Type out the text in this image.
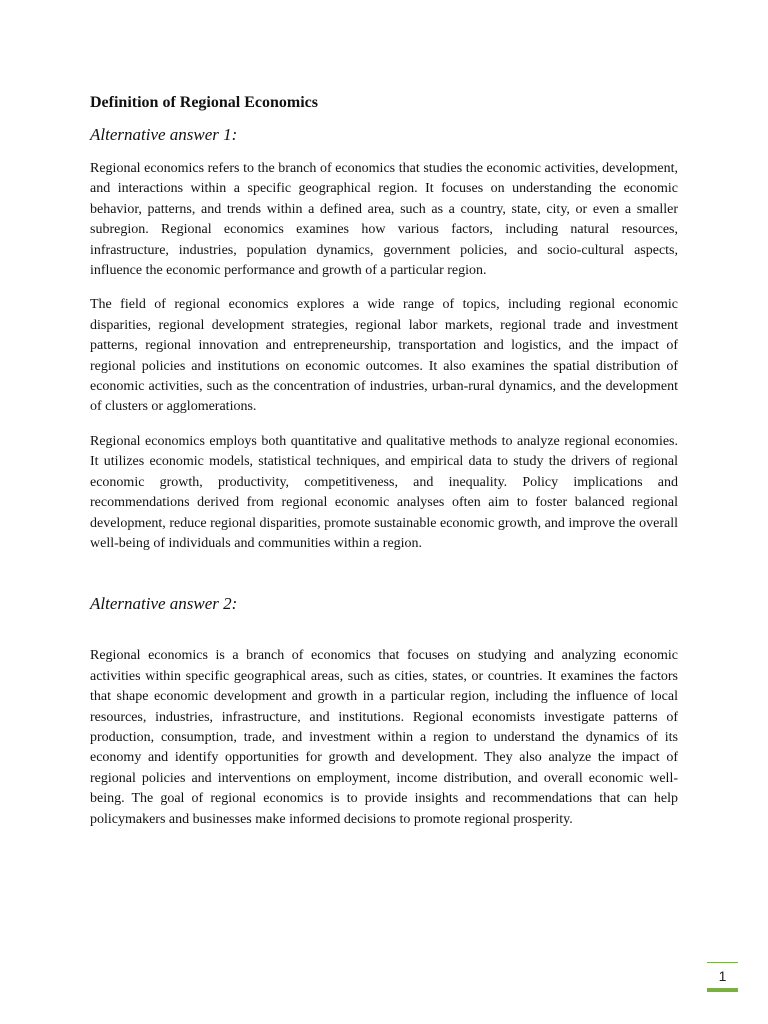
Definition of Regional Economics
Alternative answer 1:

Regional economics refers to the branch of economics that studies the economic activities, development, and interactions within a specific geographical region. It focuses on understanding the economic behavior, patterns, and trends within a defined area, such as a country, state, city, or even a smaller subregion. Regional economics examines how various factors, including natural resources, infrastructure, industries, population dynamics, government policies, and socio-cultural aspects, influence the economic performance and growth of a particular region.

The field of regional economics explores a wide range of topics, including regional economic disparities, regional development strategies, regional labor markets, regional trade and investment patterns, regional innovation and entrepreneurship, transportation and logistics, and the impact of regional policies and institutions on economic outcomes. It also examines the spatial distribution of economic activities, such as the concentration of industries, urban-rural dynamics, and the development of clusters or agglomerations.

Regional economics employs both quantitative and qualitative methods to analyze regional economies. It utilizes economic models, statistical techniques, and empirical data to study the drivers of regional economic growth, productivity, competitiveness, and inequality. Policy implications and recommendations derived from regional economic analyses often aim to foster balanced regional development, reduce regional disparities, promote sustainable economic growth, and improve the overall well-being of individuals and communities within a region.

Alternative answer 2:

Regional economics is a branch of economics that focuses on studying and analyzing economic activities within specific geographical areas, such as cities, states, or countries. It examines the factors that shape economic development and growth in a particular region, including the influence of local resources, industries, infrastructure, and institutions. Regional economists investigate patterns of production, consumption, trade, and investment within a region to understand the dynamics of its economy and identify opportunities for growth and development. They also analyze the impact of regional policies and interventions on employment, income distribution, and overall economic well-being. The goal of regional economics is to provide insights and recommendations that can help policymakers and businesses make informed decisions to promote regional prosperity.

1
